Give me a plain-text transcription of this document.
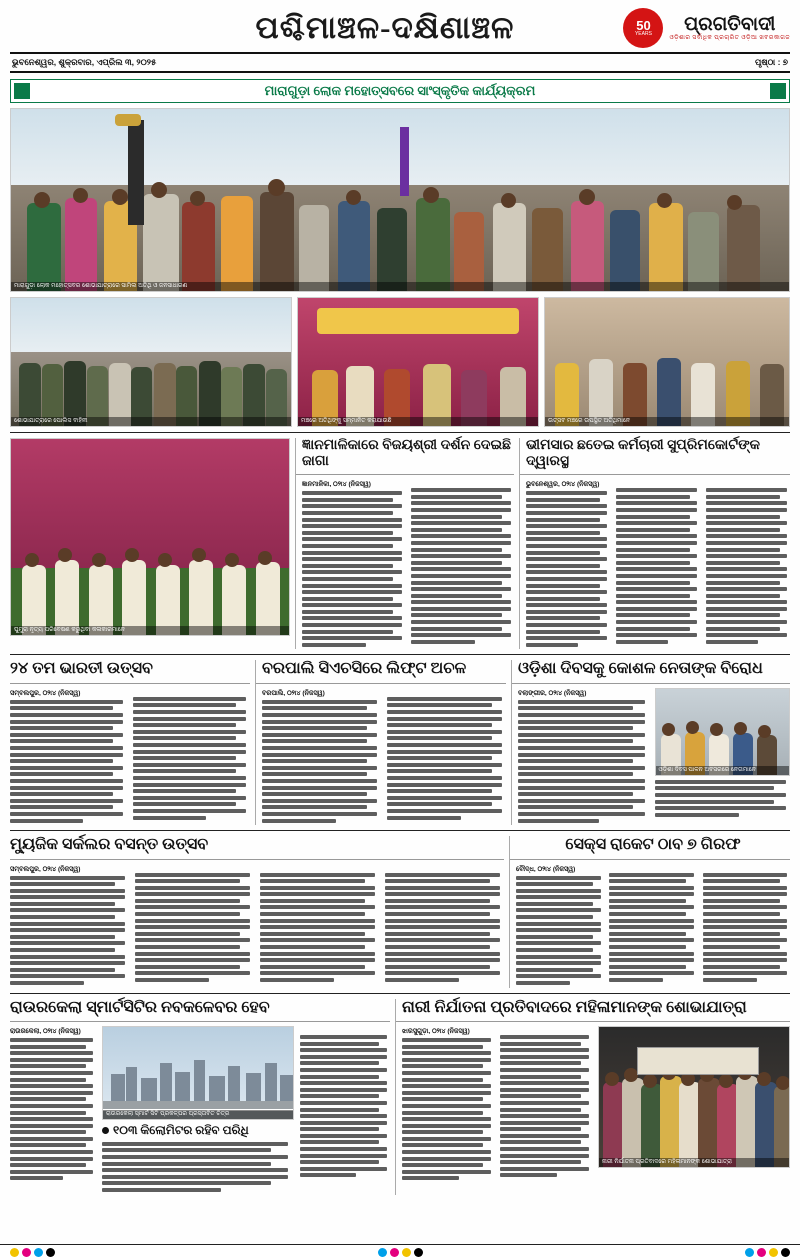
ପଶ୍ଚିମାଞ୍ଚଳ-ଦକ୍ଷିଣାଞ୍ଚଳ	50
YEARS	ପ୍ରଗତିବାଦୀ
ଓଡ଼ିଶାର ସର୍ବାଧିକ ପ୍ରଚାରିତ ଓଡ଼ିଆ ଖବରକାଗଜ
ଭୁବନେଶ୍ୱର, ଶୁକ୍ରବାର, ଏପ୍ରିଲ ୩, ୨୦୨୫	ପୃଷ୍ଠା : ୭
ମାରାଗୁଡ଼ା ଲୋକ ମହୋତ୍ସବରେ ସାଂସ୍କୃତିକ କାର୍ଯ୍ୟକ୍ରମ
ମାରାଗୁଡ଼ା ଲୋକ ମହୋତ୍ସବର ଶୋଭାଯାତ୍ରାରେ ସାମିଲ ଅତିଥି ଓ ଜନସାଧାରଣ
ଶୋଭାଯାତ୍ରାରେ ପୋଲିସ ବାହିନୀ	ମଞ୍ଚରେ ଅତିଥିଙ୍କୁ ସମ୍ମାନିତ କରାଯାଉଛି	ଉତ୍ସବ ମଞ୍ଚରେ ଉପସ୍ଥିତ ଅତିଥିମାନେ
ଘୁମୁରା ନୃତ୍ୟ ପରିବେଷଣ କରୁଥିବା କଳାକାରମାନେ
ଜ୍ଞାନମାଳିକାରେ ବିଜୟଶ୍ରୀ ଦର୍ଶନ ଦେଇଛି ଜାଗା
ଜ୍ଞାନମାଳିକା, ୦୨ା୪ (ନିଜସ୍ୱ)
ଭୀମସାର ଛତେଇ କର୍ମଚାରୀ ସୁପ୍ରିମକୋର୍ଟଙ୍କ ଦ୍ୱାରସ୍ଥ
ଭୁବନେଶ୍ୱର, ୦୨ା୪ (ନିଜସ୍ୱ)
୨୪ ତମ ଭାରତୀ ଉତ୍ସବ
ସମ୍ବଲପୁର, ୦୨ା୪ (ନିଜସ୍ୱ)
ବରପାଲି ସିଏଚସିରେ ଲିଫ୍ଟ ଅଚଳ
ବରପାଲି, ୦୨ା୪ (ନିଜସ୍ୱ)
ଓଡ଼ିଶା ଦିବସକୁ କୋଶଳ ନେତାଙ୍କ ବିରୋଧ
ବଲାଙ୍ଗୀର, ୦୨ା୪ (ନିଜସ୍ୱ)
ଓଡ଼ିଶା ଦିବସ ପାଳନ ଅବସରରେ ନେତାମାନେ
ମ୍ୟୁଜିକ ସର୍କଲର ବସନ୍ତ ଉତ୍ସବ
ସମ୍ବଲପୁର, ୦୨ା୪ (ନିଜସ୍ୱ)
ସେକ୍ସ ରାକେଟ ଠାବ ୭ ଗିରଫ
ବୌଦ୍ଧ, ୦୨ା୪ (ନିଜସ୍ୱ)
ରାଉରକେଲା ସ୍ମାର୍ଟସିଟିର ନବକଳେବର ହେବ
ରାଉରକେଲା, ୦୨ା୪ (ନିଜସ୍ୱ)
ରାଉରକେଲା ସ୍ମାର୍ଟ ସିଟି ପ୍ରକଳ୍ପର ପ୍ରସ୍ତାବିତ ଚିତ୍ର
୧୦୩ କିଲୋମିଟର ରହିବ ପରିଧି
ନାରୀ ନିର୍ଯାତନା ପ୍ରତିବାଦରେ ମହିଳାମାନଙ୍କ ଶୋଭାଯାତ୍ରା
ଝାରସୁଗୁଡ଼ା, ୦୨ା୪ (ନିଜସ୍ୱ)
ନାରୀ ନିର୍ଯାତନା ପ୍ରତିବାଦରେ ମହିଳାମାନଙ୍କ ଶୋଭାଯାତ୍ରା
